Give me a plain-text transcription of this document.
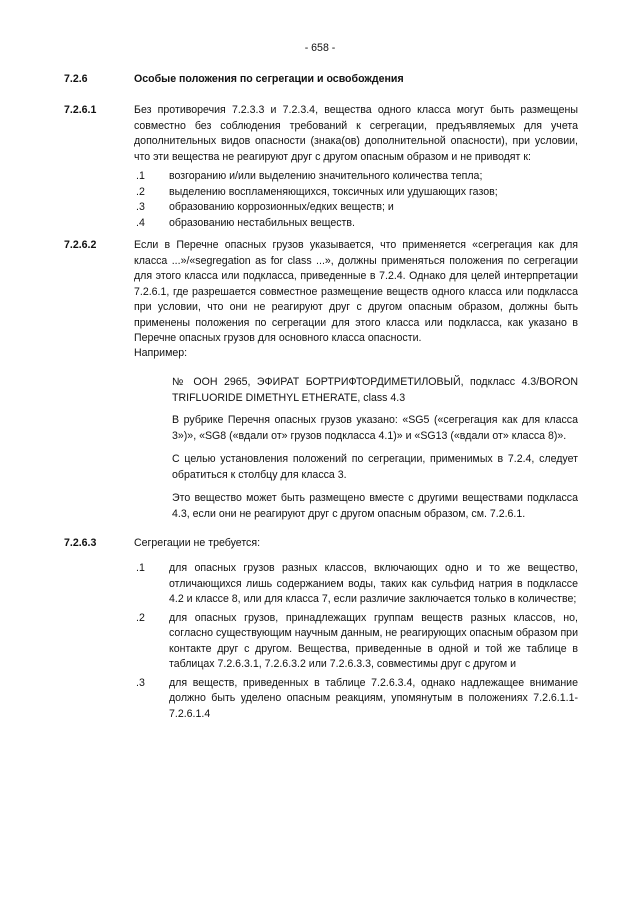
- 658 -
7.2.6	Особые положения по сегрегации и освобождения
7.2.6.1	Без противоречия 7.2.3.3 и 7.2.3.4, вещества одного класса могут быть размещены совместно без соблюдения требований к сегрегации, предъявляемых для учета дополнительных видов опасности (знака(ов) дополнительной опасности), при условии, что эти вещества не реагируют друг с другом опасным образом и не приводят к:
.1 возгоранию и/или выделению значительного количества тепла;
.2 выделению воспламеняющихся, токсичных или удушающих газов;
.3 образованию коррозионных/едких веществ; и
.4 образованию нестабильных веществ.
7.2.6.2	Если в Перечне опасных грузов указывается, что применяется «сегрегация как для класса ...»/«segregation as for class ...», должны применяться положения по сегрегации для этого класса или подкласса, приведенные в 7.2.4. Однако для целей интерпретации 7.2.6.1, где разрешается совместное размещение веществ одного класса или подкласса при условии, что они не реагируют друг с другом опасным образом, должны быть применены положения по сегрегации для этого класса или подкласса, как указано в Перечне опасных грузов для основного класса опасности.
Например:

№ ООН 2965, ЭФИРАТ БОРТРИФТОРДИМЕТИЛОВЫЙ, подкласс 4.3/BORON TRIFLUORIDE DIMETHYL ETHERATE, class 4.3

В рубрике Перечня опасных грузов указано: «SG5 («сегрегация как для класса 3»)», «SG8 («вдали от» грузов подкласса 4.1)» и «SG13 («вдали от» класса 8)».

С целью установления положений по сегрегации, применимых в 7.2.4, следует обратиться к столбцу для класса 3.

Это вещество может быть размещено вместе с другими веществами подкласса 4.3, если они не реагируют друг с другом опасным образом, см. 7.2.6.1.

7.2.6.3	Сегрегации не требуется:
.1 для опасных грузов разных классов, включающих одно и то же вещество, отличающихся лишь содержанием воды, таких как сульфид натрия в подклассе 4.2 и классе 8, или для класса 7, если различие заключается только в количестве;
.2 для опасных грузов, принадлежащих группам веществ разных классов, но, согласно существующим научным данным, не реагирующих опасным образом при контакте друг с другом. Вещества, приведенные в одной и той же таблице в таблицах 7.2.6.3.1, 7.2.6.3.2 или 7.2.6.3.3, совместимы друг с другом и
.3 для веществ, приведенных в таблице 7.2.6.3.4, однако надлежащее внимание должно быть уделено опасным реакциям, упомянутым в положениях 7.2.6.1.1-7.2.6.1.4
